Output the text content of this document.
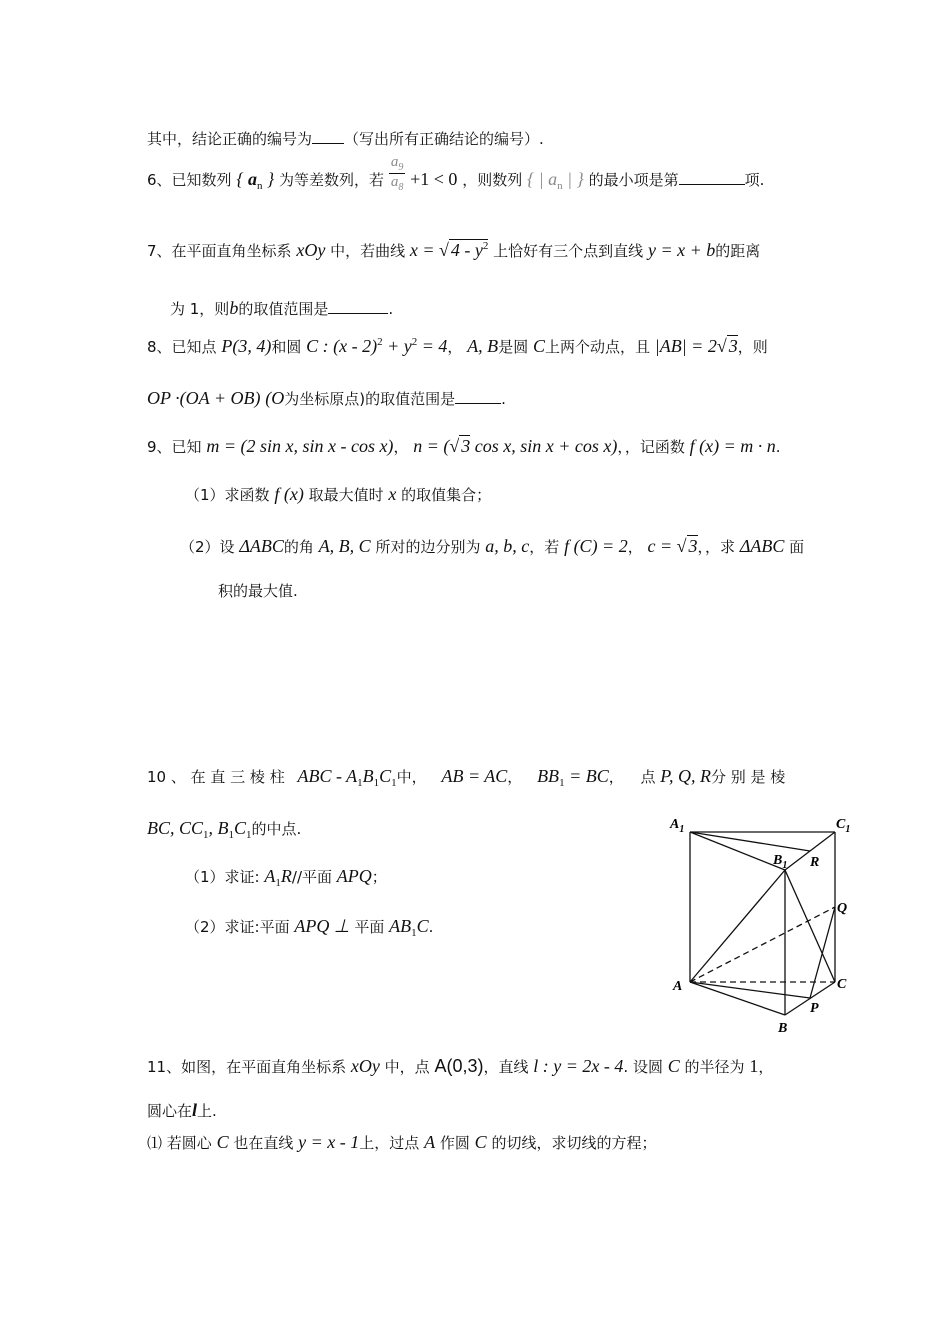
其中，结论正确的编号为 （写出所有正确结论的编号）.
6、已知数列 { $a_n$ } 为等差数列，若 $\frac{a_9}{a_8} +1 < 0$ ，则数列 { | $a_n$ | } 的最小项是第	项.
7、在平面直角坐标系 xOy 中，若曲线 x = √ $4 - y^2$ 上恰好有三个点到直线 y = x + b的距离
为 1，则b的取值范围是	.
8、已知点 P(3, 4)和圆 C : $(x - 2)^2 + y^2 = 4$， A, B是圆 C上两个动点，且 |AB| = 2√ 3，则
OP ·(OA + OB) (O为坐标原点)的取值范围是	.
9、已知 m = (2 sin x, sin x - cos x)， n = (√ 3 cos x, sin x + cos x)，，记函数 f (x) = m · n.
（1）求函数 f (x) 取最大值时 x 的取值集合；
（2）设 ΔABC的角 A, B, C 所对的边分别为 a, b, c，若 f (C) = 2， c = √ 3，，求 ΔABC 面
积的最大值.
10 、 在 直 三 棱 柱 ABC - $A_1B_1C_1$中， AB = AC， $BB_1$ = BC， 点 P, Q, R分 别 是 棱
BC, $CC_1$, $B_1C_1$的中点.
（1）求证: $A_1R//$平面 APQ；
（2）求证:平面 APQ ⊥ 平面 $AB_1C$.
$A_1$	$C_1$
$B_1$ R
Q
A	C
P
B
11、如图，在平面直角坐标系 xOy 中，点 A(0,3)，直线 l : y = 2x - 4. 设圆 C 的半径为 1，
圆心在l上.
⑴ 若圆心 C 也在直线 y = x - 1上，过点 A 作圆 C 的切线，求切线的方程；
